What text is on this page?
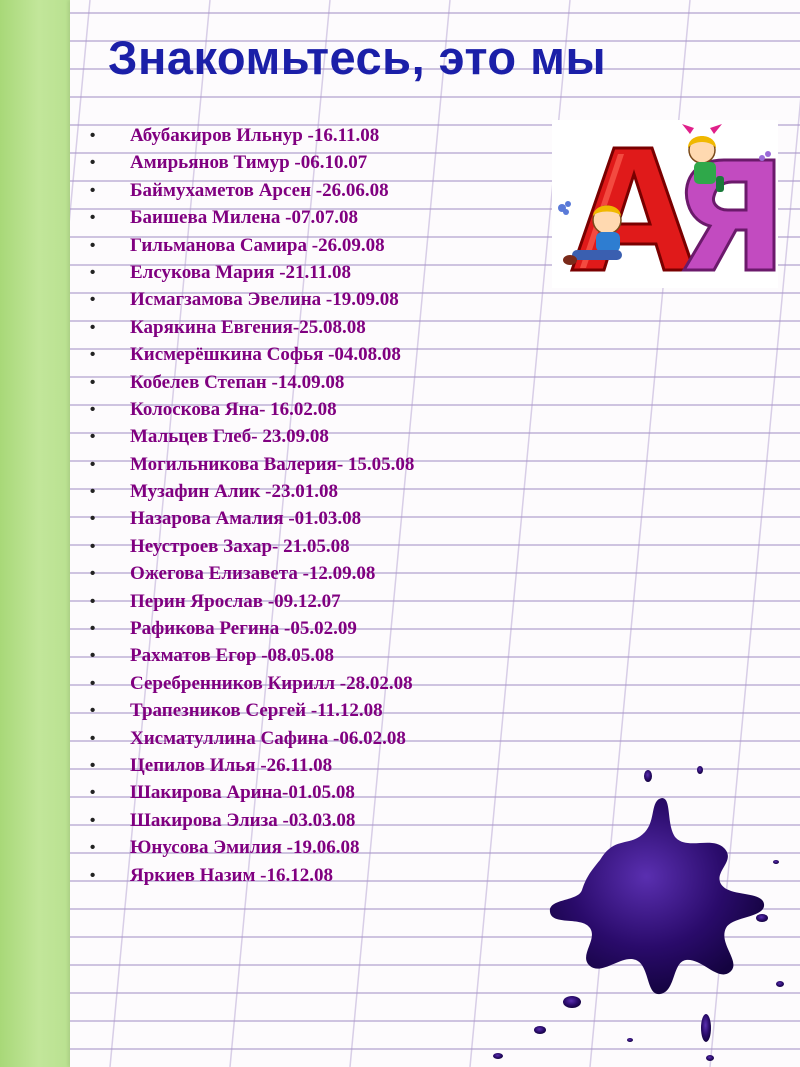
Знакомьтесь, это мы
• Абубакиров Ильнур -16.11.08
• Амирьянов Тимур -06.10.07
• Баймухаметов Арсен -26.06.08
• Баишева Милена -07.07.08
• Гильманова Самира -26.09.08
• Елсукова Мария -21.11.08
• Исмагзамова Эвелина -19.09.08
• Карякина Евгения-25.08.08
• Кисмерёшкина Софья -04.08.08
• Кобелев Степан -14.09.08
• Колоскова Яна- 16.02.08
• Мальцев Глеб- 23.09.08
• Могильникова Валерия- 15.05.08
• Музафин Алик -23.01.08
• Назарова Амалия -01.03.08
• Неустроев Захар- 21.05.08
• Ожегова Елизавета -12.09.08
• Перин Ярослав -09.12.07
• Рафикова Регина -05.02.09
• Рахматов Егор -08.05.08
• Серебренников Кирилл -28.02.08
• Трапезников Сергей -11.12.08
• Хисматуллина Сафина -06.02.08
• Цепилов Илья -26.11.08
• Шакирова Арина-01.05.08
• Шакирова Элиза -03.03.08
• Юнусова Эмилия -19.06.08
• Яркиев Назим -16.12.08
